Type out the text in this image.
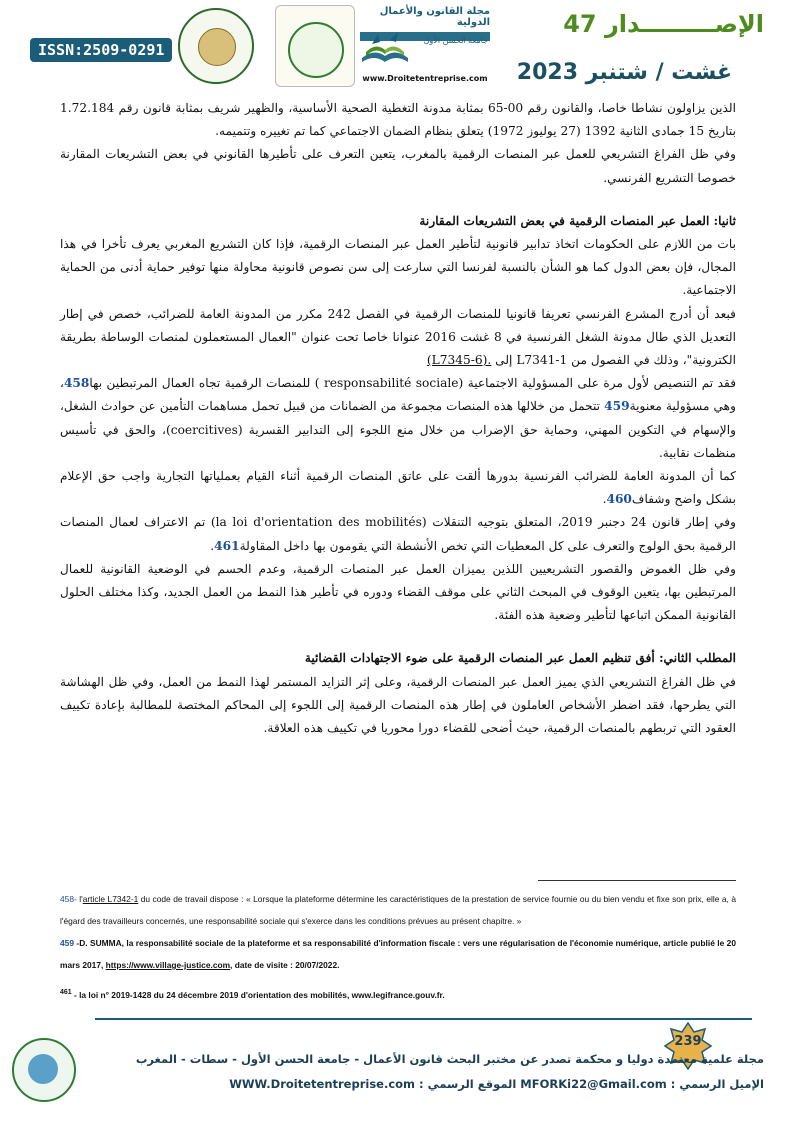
ISSN:2509-0291
مجلة القانون والأعمال الدولية
جامعة الحسن الأول
www.Droitetentreprise.com
الإصـــــــــدار 47
غشت / شتنبر 2023

الذين يزاولون نشاطا خاصا، والقانون رقم 00-65 بمثابة مدونة التغطية الصحية الأساسية، والظهير شريف بمثابة قانون رقم 1.72.184 بتاريخ 15 جمادى الثانية 1392 (27 يوليوز 1972) يتعلق بنظام الضمان الاجتماعي كما تم تغييره وتتميمه.

وفي ظل الفراغ التشريعي للعمل عبر المنصات الرقمية بالمغرب، يتعين التعرف على تأطيرها القانوني في بعض التشريعات المقارنة خصوصا التشريع الفرنسي.

ثانيا: العمل عبر المنصات الرقمية في بعض التشريعات المقارنة

بات من اللازم على الحكومات اتخاذ تدابير قانونية لتأطير العمل عبر المنصات الرقمية، فإذا كان التشريع المغربي يعرف تأخرا في هذا المجال، فإن بعض الدول كما هو الشأن بالنسبة لفرنسا التي سارعت إلى سن نصوص قانونية محاولة منها توفير حماية أدنى من الحماية الاجتماعية.

فبعد أن أدرج المشرع الفرنسي تعريفا قانونيا للمنصات الرقمية في الفصل 242 مكرر من المدونة العامة للضرائب، خصص في إطار التعديل الذي طال مدونة الشغل الفرنسية في 8 غشت 2016 عنوانا خاصا تحت عنوان "العمال المستعملون لمنصات الوساطة بطريقة الكترونية"، وذلك في الفصول من L7341-1 إلى (L7345-6).

فقد تم التنصيص لأول مرة على المسؤولية الاجتماعية ( responsabilité sociale) للمنصات الرقمية تجاه العمال المرتبطين بها458، وهي مسؤولية معنوية459 تتحمل من خلالها هذه المنصات مجموعة من الضمانات من قبيل تحمل مساهمات التأمين عن حوادث الشغل، والإسهام في التكوين المهني، وحماية حق الإضراب من خلال منع اللجوء إلى التدابير القسرية (coercitives)، والحق في تأسيس منظمات نقابية.

كما أن المدونة العامة للضرائب الفرنسية بدورها ألقت على عاتق المنصات الرقمية أثناء القيام بعملياتها التجارية واجب حق الإعلام بشكل واضح وشفاف460.

وفي إطار قانون 24 دجنبر 2019، المتعلق بتوجيه التنقلات (la loi d'orientation des mobilités) تم الاعتراف لعمال المنصات الرقمية بحق الولوج والتعرف على كل المعطيات التي تخص الأنشطة التي يقومون بها داخل المقاولة461.

وفي ظل الغموض والقصور التشريعيين اللذين يميزان العمل عبر المنصات الرقمية، وعدم الحسم في الوضعية القانونية للعمال المرتبطين بها، يتعين الوقوف في المبحث الثاني على موقف القضاء ودوره في تأطير هذا النمط من العمل الجديد، وكذا مختلف الحلول القانونية الممكن اتباعها لتأطير وضعية هذه الفئة.

المطلب الثاني: أفق تنظيم العمل عبر المنصات الرقمية على ضوء الاجتهادات القضائية

في ظل الفراغ التشريعي الذي يميز العمل عبر المنصات الرقمية، وعلى إثر التزايد المستمر لهذا النمط من العمل، وفي ظل الهشاشة التي يطرحها، فقد اضطر الأشخاص العاملون في إطار هذه المنصات الرقمية إلى اللجوء إلى المحاكم المختصة للمطالبة بإعادة تكييف العقود التي تربطهم بالمنصات الرقمية، حيث أضحى للقضاء دورا محوريا في تكييف هذه العلاقة.

458- l'article L7342-1 du code de travail dispose : « Lorsque la plateforme détermine les caractéristiques de la prestation de service fournie ou du bien vendu et fixe son prix, elle a, à l'égard des travailleurs concernés, une responsabilité sociale qui s'exerce dans les conditions prévues au présent chapitre. »

459 -D. SUMMA, la responsabilité sociale de la plateforme et sa responsabilité d'information fiscale : vers une régularisation de l'économie numérique, article publié le 20 mars 2017, https://www.village-justice.com, date de visite : 20/07/2022.

$^{461}$ - la loi n° 2019-1428 du 24 décembre 2019 d'orientation des mobilités, www.legifrance.gouv.fr.

239
مجلة علمية معتمدة دوليا و محكمة تصدر عن مختبر البحث قانون الأعمال - جامعة الحسن الأول - سطات - المغرب
الإميل الرسمي : MFORKi22@Gmail.com الموقع الرسمي : WWW.Droitetentreprise.com
